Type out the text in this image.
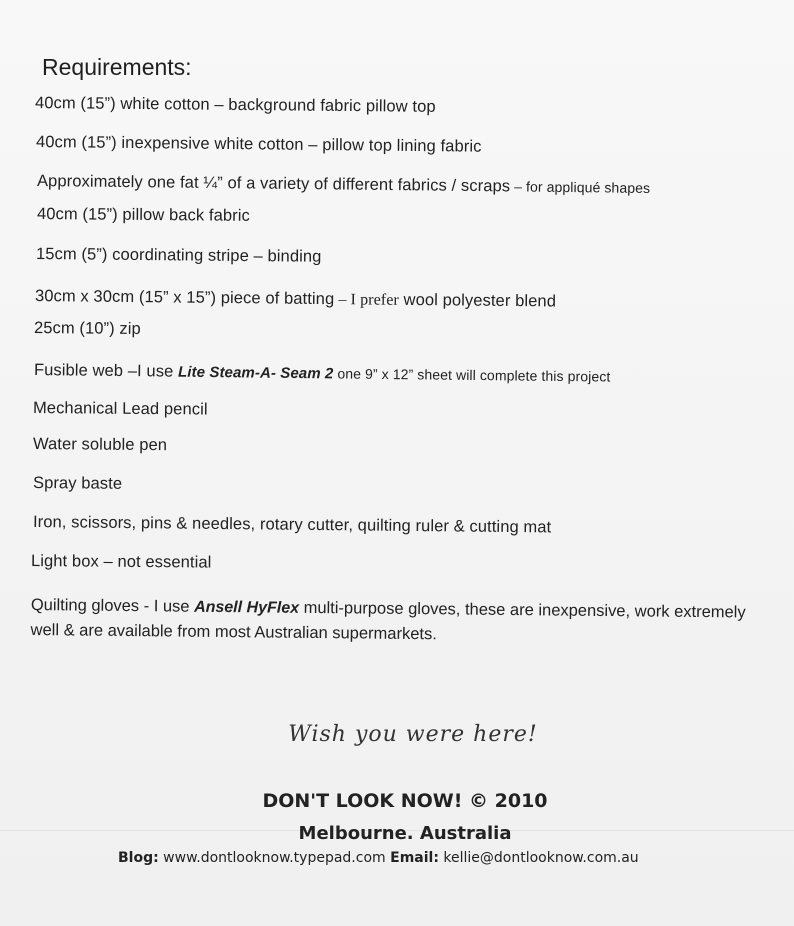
Requirements:
40cm (15”) white cotton – background fabric pillow top
40cm (15”) inexpensive white cotton – pillow top lining fabric
Approximately one fat ¼” of a variety of different fabrics / scraps – for appliqué shapes
40cm (15”) pillow back fabric
15cm (5”) coordinating stripe – binding
30cm x 30cm (15” x 15”) piece of batting – I prefer wool polyester blend
25cm (10”) zip
Fusible web –I use Lite Steam-A- Seam 2 one 9” x 12” sheet will complete this project
Mechanical Lead pencil
Water soluble pen
Spray baste
Iron, scissors, pins & needles, rotary cutter, quilting ruler & cutting mat
Light box – not essential
Quilting gloves - I use Ansell HyFlex multi-purpose gloves, these are inexpensive, work extremely well & are available from most Australian supermarkets.
Wish you were here!
DON'T LOOK NOW! © 2010
Melbourne. Australia
Blog: www.dontlooknow.typepad.com Email: kellie@dontlooknow.com.au
